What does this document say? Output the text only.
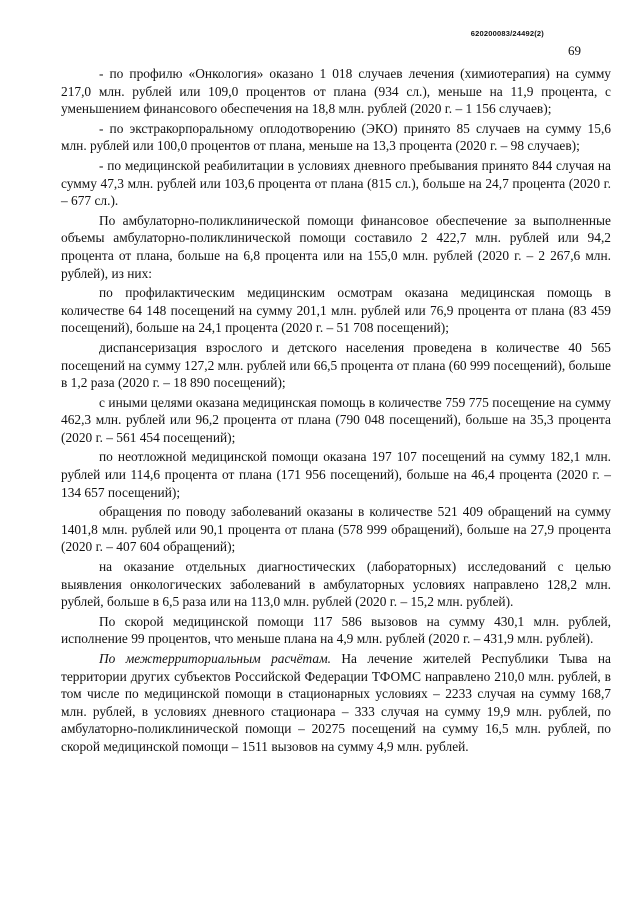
620200083/24492(2)
69

- по профилю «Онкология» оказано 1 018 случаев лечения (химиотерапия) на сумму 217,0 млн. рублей или 109,0 процентов от плана (934 сл.), меньше на 11,9 процента, с уменьшением финансового обеспечения на 18,8 млн. рублей (2020 г. – 1 156 случаев);

- по экстракорпоральному оплодотворению (ЭКО) принято 85 случаев на сумму 15,6 млн. рублей или 100,0 процентов от плана, меньше на 13,3 процента (2020 г. – 98 случаев);

- по медицинской реабилитации в условиях дневного пребывания принято 844 случая на сумму 47,3 млн. рублей или 103,6 процента от плана (815 сл.), больше на 24,7 процента (2020 г. – 677 сл.).

По амбулаторно-поликлинической помощи финансовое обеспечение за выполненные объемы амбулаторно-поликлинической помощи составило 2 422,7 млн. рублей или 94,2 процента от плана, больше на 6,8 процента или на 155,0 млн. рублей (2020 г. – 2 267,6 млн. рублей), из них:

по профилактическим медицинским осмотрам оказана медицинская помощь в количестве 64 148 посещений на сумму 201,1 млн. рублей или 76,9 процента от плана (83 459 посещений), больше на 24,1 процента (2020 г. – 51 708 посещений);

диспансеризация взрослого и детского населения проведена в количестве 40 565 посещений на сумму 127,2 млн. рублей или 66,5 процента от плана (60 999 посещений), больше в 1,2 раза (2020 г. – 18 890 посещений);

с иными целями оказана медицинская помощь в количестве 759 775 посещение на сумму 462,3 млн. рублей или 96,2 процента от плана (790 048 посещений), больше на 35,3 процента (2020 г. – 561 454 посещений);

по неотложной медицинской помощи оказана 197 107 посещений на сумму 182,1 млн. рублей или 114,6 процента от плана (171 956 посещений), больше на 46,4 процента (2020 г. – 134 657 посещений);

обращения по поводу заболеваний оказаны в количестве 521 409 обращений на сумму 1401,8 млн. рублей или 90,1 процента от плана (578 999 обращений), больше на 27,9 процента (2020 г. – 407 604 обращений);

на оказание отдельных диагностических (лабораторных) исследований с целью выявления онкологических заболеваний в амбулаторных условиях направлено 128,2 млн. рублей, больше в 6,5 раза или на 113,0 млн. рублей (2020 г. – 15,2 млн. рублей).

По скорой медицинской помощи 117 586 вызовов на сумму 430,1 млн. рублей, исполнение 99 процентов, что меньше плана на 4,9 млн. рублей (2020 г. – 431,9 млн. рублей).

По межтерриториальным расчётам. На лечение жителей Республики Тыва на территории других субъектов Российской Федерации ТФОМС направлено 210,0 млн. рублей, в том числе по медицинской помощи в стационарных условиях – 2233 случая на сумму 168,7 млн. рублей, в условиях дневного стационара – 333 случая на сумму 19,9 млн. рублей, по амбулаторно-поликлинической помощи – 20275 посещений на сумму 16,5 млн. рублей, по скорой медицинской помощи – 1511 вызовов на сумму 4,9 млн. рублей.
